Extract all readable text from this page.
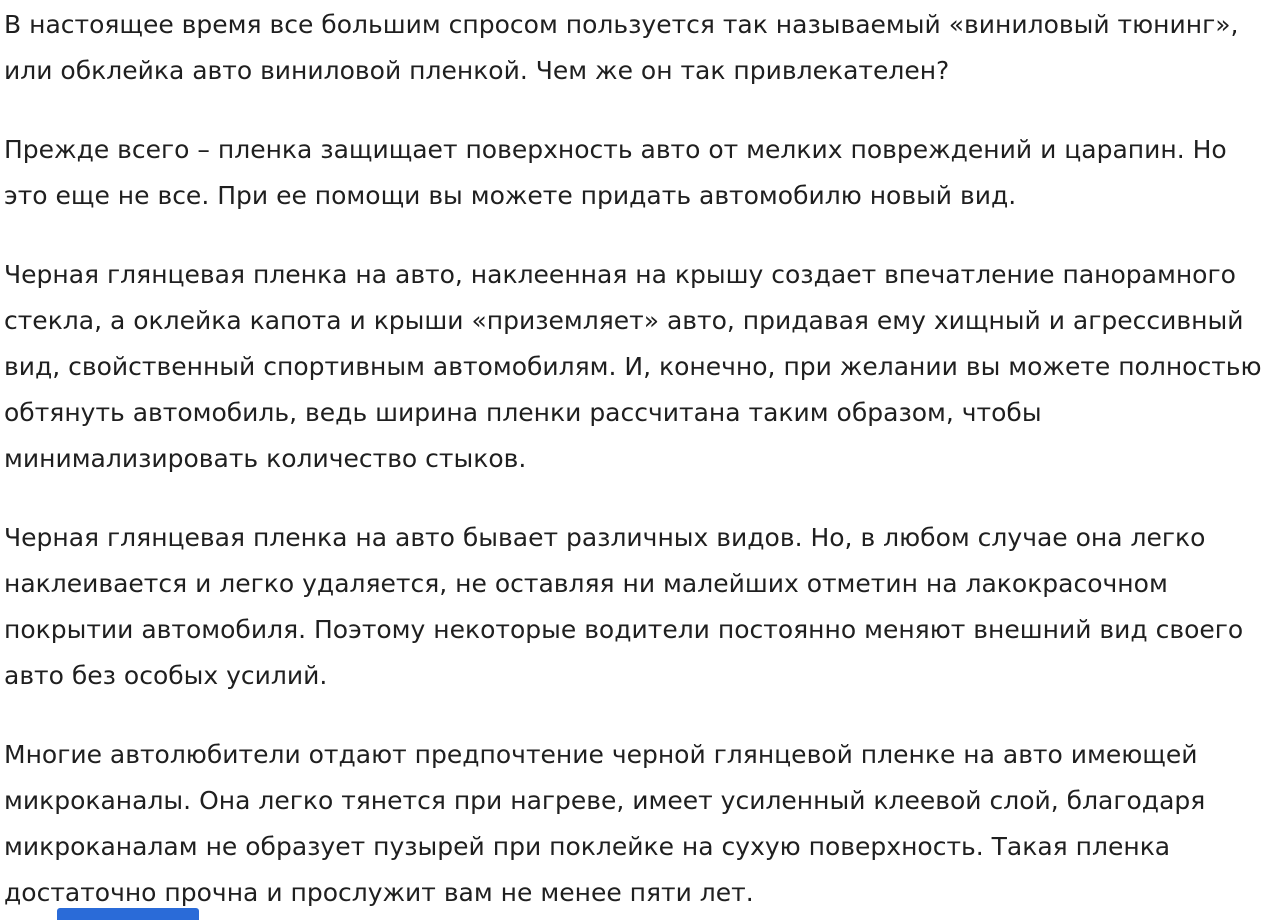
В настоящее время все большим спросом пользуется так называемый «виниловый тюнинг», или обклейка авто виниловой пленкой. Чем же он так привлекателен?

Прежде всего – пленка защищает поверхность авто от мелких повреждений и царапин. Но это еще не все. При ее помощи вы можете придать автомобилю новый вид.

Черная глянцевая пленка на авто, наклеенная на крышу создает впечатление панорамного стекла, а оклейка капота и крыши «приземляет» авто, придавая ему хищный и агрессивный вид, свойственный спортивным автомобилям. И, конечно, при желании вы можете полностью обтянуть автомобиль, ведь ширина пленки рассчитана таким образом, чтобы минимализировать количество стыков.

Черная глянцевая пленка на авто бывает различных видов. Но, в любом случае она легко наклеивается и легко удаляется, не оставляя ни малейших отметин на лакокрасочном покрытии автомобиля. Поэтому некоторые водители постоянно меняют внешний вид своего авто без особых усилий.

Многие автолюбители отдают предпочтение черной глянцевой пленке на авто имеющей микроканалы. Она легко тянется при нагреве, имеет усиленный клеевой слой, благодаря микроканалам не образует пузырей при поклейке на сухую поверхность. Такая пленка достаточно прочна и прослужит вам не менее пяти лет.
